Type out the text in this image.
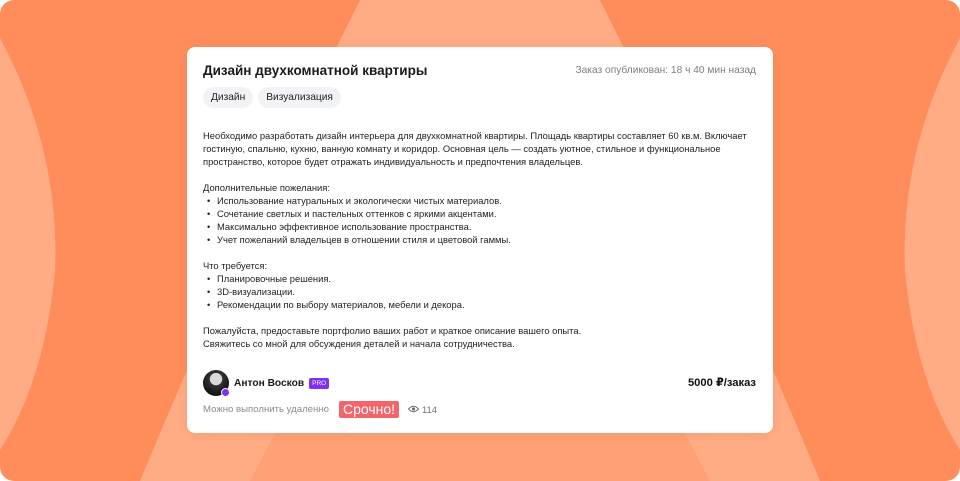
Дизайн двухкомнатной квартиры	Заказ опубликован: 18 ч 40 мин назад
Дизайн	Визуализация

Необходимо разработать дизайн интерьера для двухкомнатной квартиры. Площадь квартиры составляет 60 кв.м. Включает гостиную, спальню, кухню, ванную комнату и коридор. Основная цель — создать уютное, стильное и функциональное пространство, которое будет отражать индивидуальность и предпочтения владельцев.

Дополнительные пожелания:

• Использование натуральных и экологически чистых материалов.
• Сочетание светлых и пастельных оттенков с яркими акцентами.
• Максимально эффективное использование пространства.
• Учет пожеланий владельцев в отношении стиля и цветовой гаммы.

Что требуется:

• Планировочные решения.
• 3D-визуализации.
• Рекомендации по выбору материалов, мебели и декора.

Пожалуйста, предоставьте портфолио ваших работ и краткое описание вашего опыта.

Свяжитесь со мной для обсуждения деталей и начала сотрудничества.

Антон Восков	PRO	5000 ₽/заказ
Можно выполнить удаленно Срочно!	114
